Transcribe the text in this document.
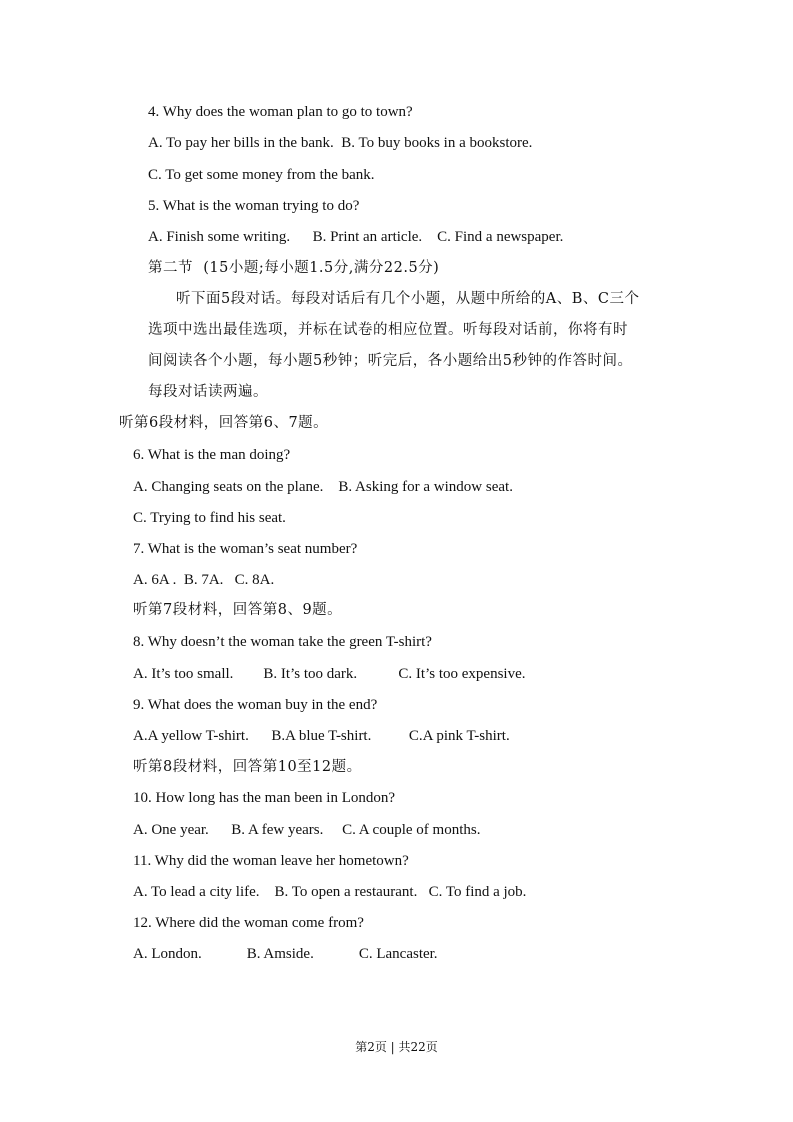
4. Why does the woman plan to go to town?
A. To pay her bills in the bank.  B. To buy books in a bookstore.
C. To get some money from the bank.
5. What is the woman trying to do?
A. Finish some writing.      B. Print an article.    C. Find a newspaper.
第二节  (15小题;每小题1.5分,满分22.5分)
听下面5段对话。每段对话后有几个小题，从题中所给的A、B、C三个
选项中选出最佳选项，并标在试卷的相应位置。听每段对话前，你将有时
间阅读各个小题，每小题5秒钟；听完后，各小题给出5秒钟的作答时间。
每段对话读两遍。
听第6段材料，回答第6、7题。
6. What is the man doing?
A. Changing seats on the plane.    B. Asking for a window seat.
C. Trying to find his seat.
7. What is the woman’s seat number?
A. 6A .  B. 7A.   C. 8A.
听第7段材料，回答第8、9题。
8. Why doesn’t the woman take the green T-shirt?
A. It’s too small.        B. It’s too dark.           C. It’s too expensive.
9. What does the woman buy in the end?
A.A yellow T-shirt.      B.A blue T-shirt.          C.A pink T-shirt.
听第8段材料，回答第10至12题。
10. How long has the man been in London?
A. One year.      B. A few years.     C. A couple of months.
11. Why did the woman leave her hometown?
A. To lead a city life.    B. To open a restaurant.   C. To find a job.
12. Where did the woman come from?
A. London.            B. Amside.            C. Lancaster.
第2页 | 共22页
